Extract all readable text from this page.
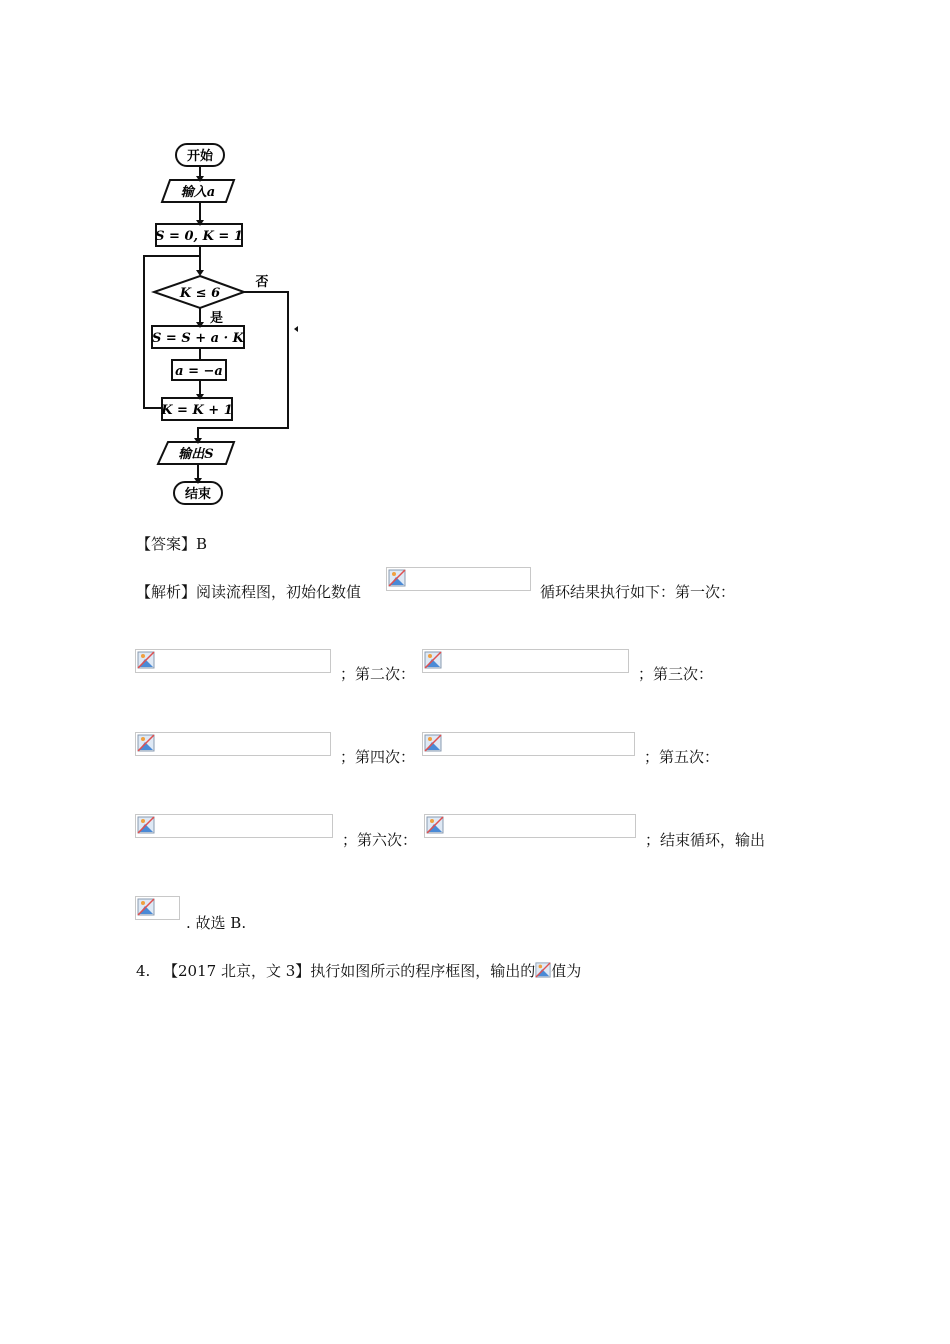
开始
输入a
S = 0, K = 1
K ≤ 6
否
是
S = S + a · K
a = −a
K = K + 1
输出S
结束
【答案】B
【解析】阅读流程图，初始化数值	循环结果执行如下：第一次：
；第二次：	；第三次：
；第四次：	；第五次：
；第六次：	；结束循环，输出
. 故选 B.
4. 【2017 北京，文 3】执行如图所示的程序框图，输出的 值为
